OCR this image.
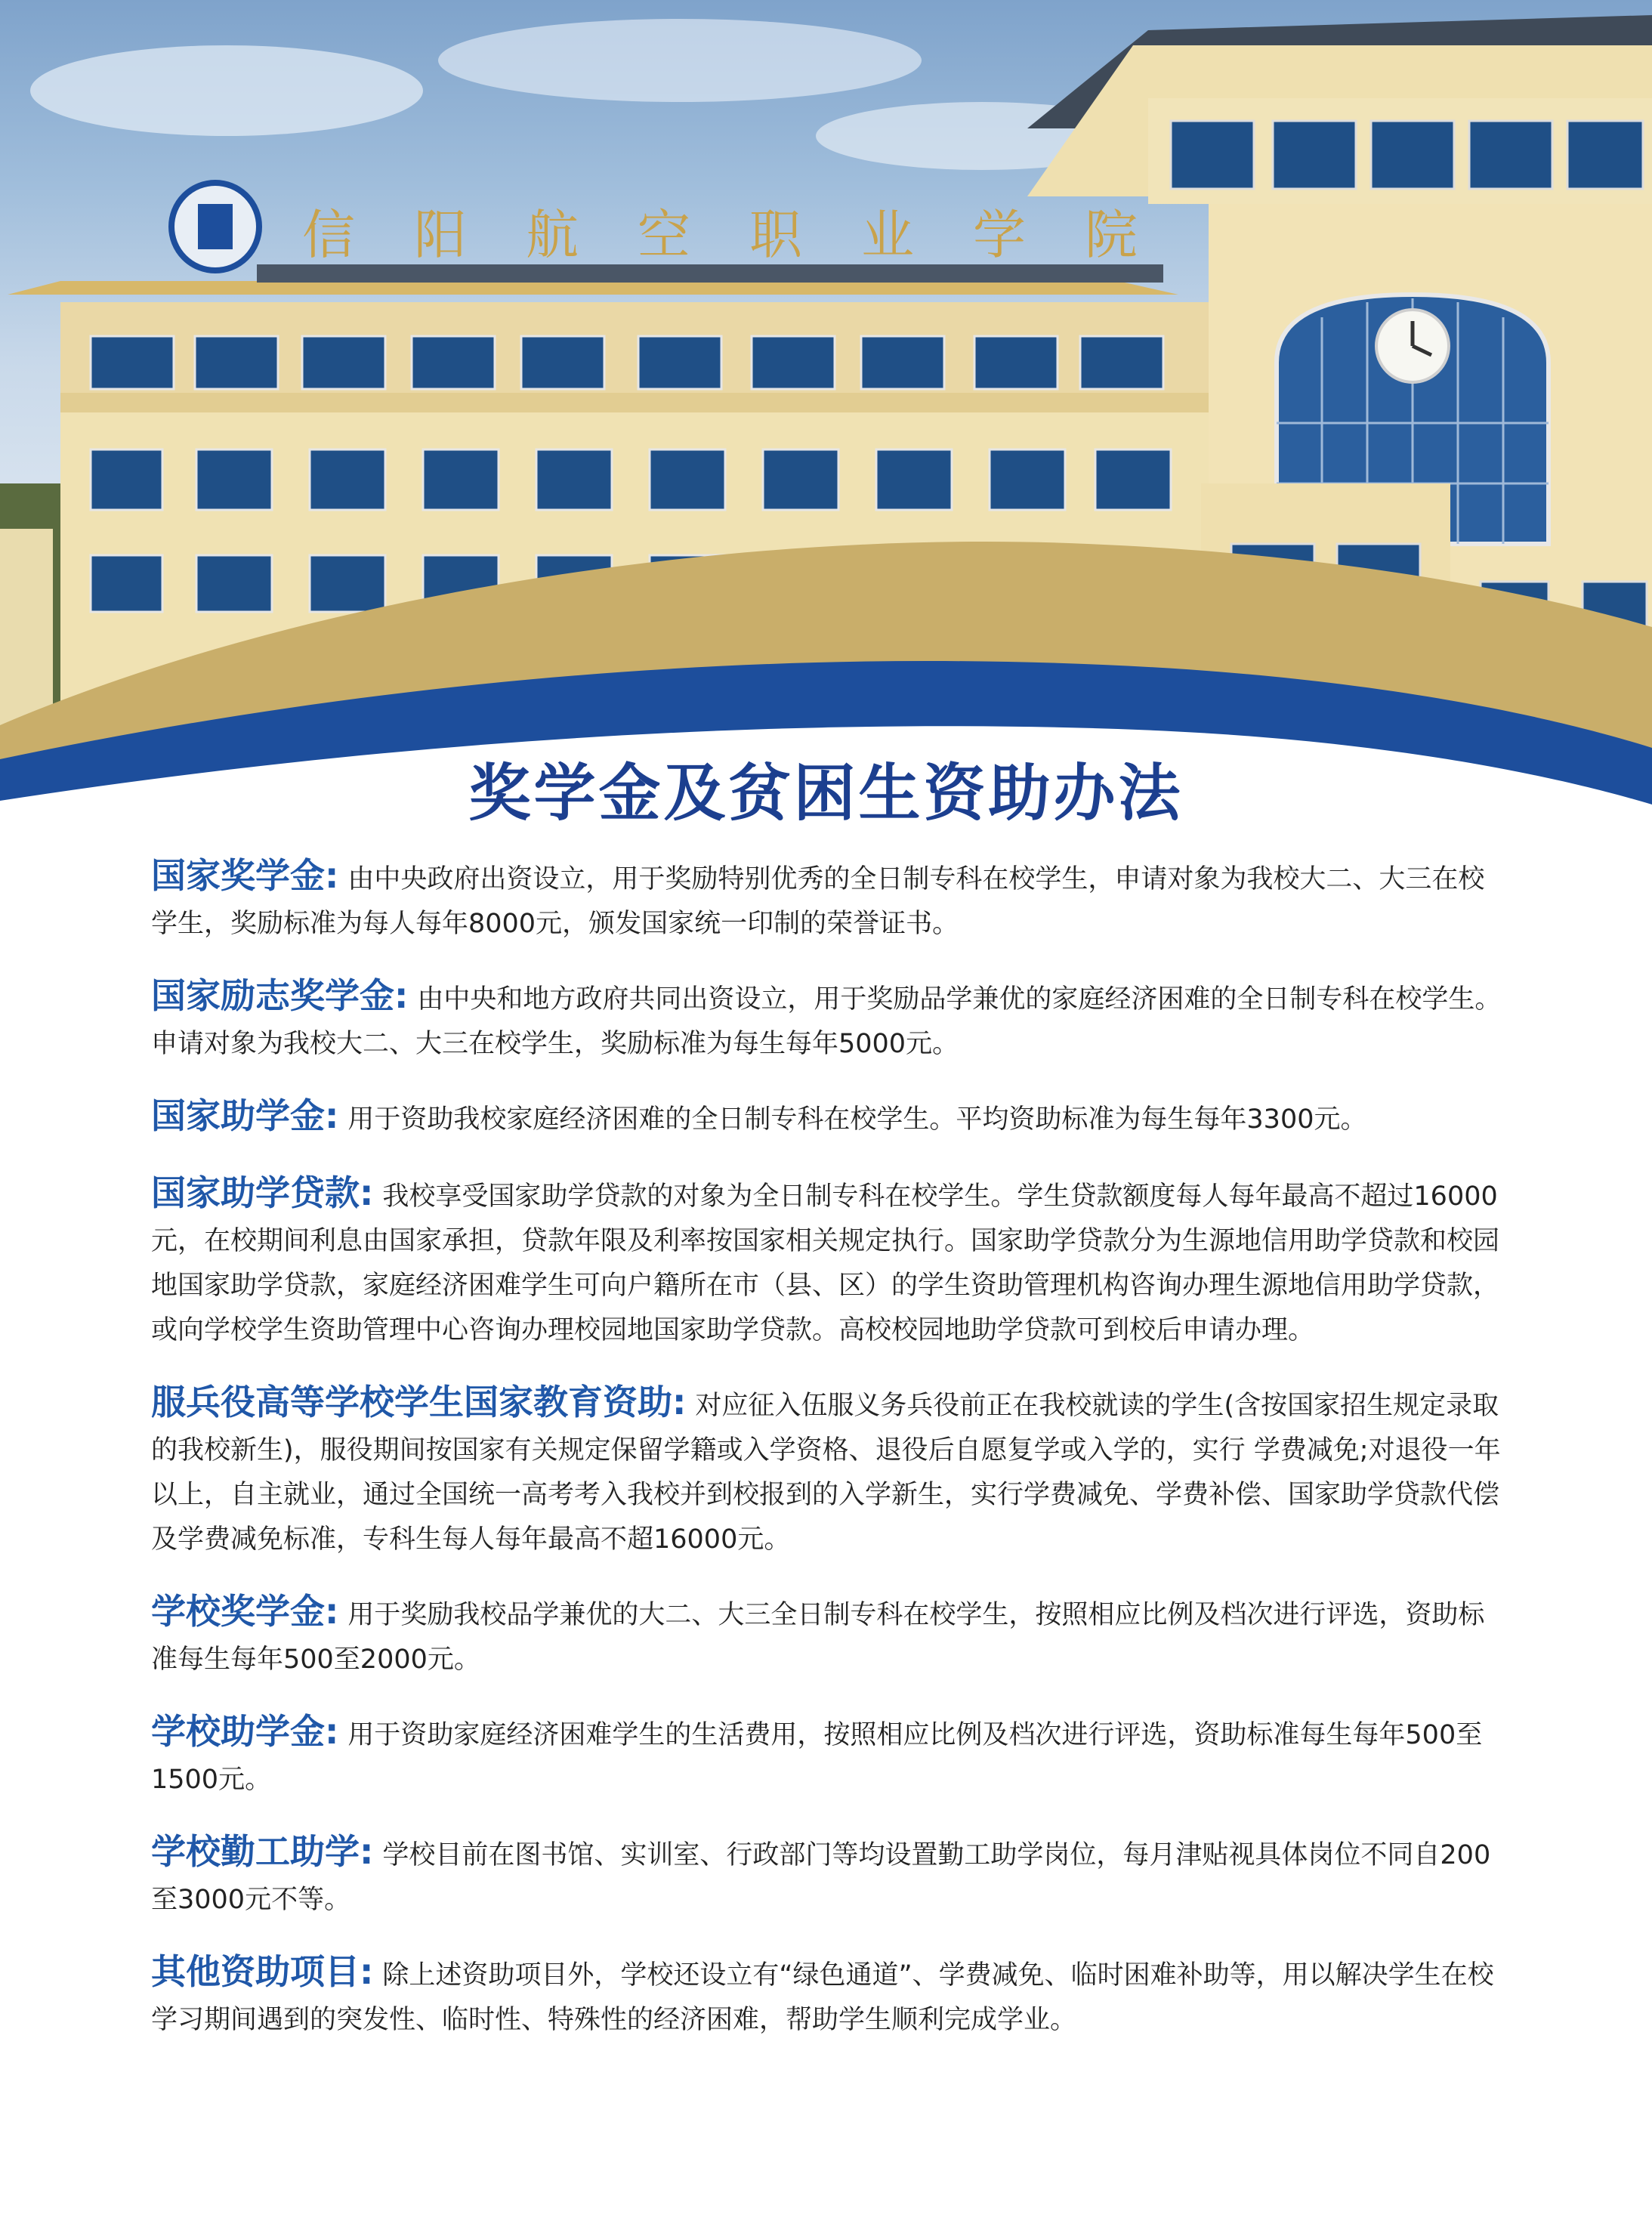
信阳航空职业学院
奖学金及贫困生资助办法
国家奖学金: 由中央政府出资设立，用于奖励特别优秀的全日制专科在校学生，申请对象为我校大二、大三在校学生，奖励标准为每人每年8000元，颁发国家统一印制的荣誉证书。
国家励志奖学金: 由中央和地方政府共同出资设立，用于奖励品学兼优的家庭经济困难的全日制专科在校学生。申请对象为我校大二、大三在校学生，奖励标准为每生每年5000元。
国家助学金: 用于资助我校家庭经济困难的全日制专科在校学生。平均资助标准为每生每年3300元。
国家助学贷款: 我校享受国家助学贷款的对象为全日制专科在校学生。学生贷款额度每人每年最高不超过16000元，在校期间利息由国家承担，贷款年限及利率按国家相关规定执行。国家助学贷款分为生源地信用助学贷款和校园地国家助学贷款，家庭经济困难学生可向户籍所在市（县、区）的学生资助管理机构咨询办理生源地信用助学贷款，或向学校学生资助管理中心咨询办理校园地国家助学贷款。高校校园地助学贷款可到校后申请办理。
服兵役高等学校学生国家教育资助: 对应征入伍服义务兵役前正在我校就读的学生(含按国家招生规定录取的我校新生)，服役期间按国家有关规定保留学籍或入学资格、退役后自愿复学或入学的，实行 学费减免;对退役一年以上，自主就业，通过全国统一高考考入我校并到校报到的入学新生，实行学费减免、学费补偿、国家助学贷款代偿及学费减免标准，专科生每人每年最高不超16000元。
学校奖学金: 用于奖励我校品学兼优的大二、大三全日制专科在校学生，按照相应比例及档次进行评选，资助标准每生每年500至2000元。
学校助学金: 用于资助家庭经济困难学生的生活费用，按照相应比例及档次进行评选，资助标准每生每年500至1500元。
学校勤工助学: 学校目前在图书馆、实训室、行政部门等均设置勤工助学岗位，每月津贴视具体岗位不同自200至3000元不等。
其他资助项目: 除上述资助项目外，学校还设立有“绿色通道”、学费减免、临时困难补助等，用以解决学生在校学习期间遇到的突发性、临时性、特殊性的经济困难，帮助学生顺利完成学业。
